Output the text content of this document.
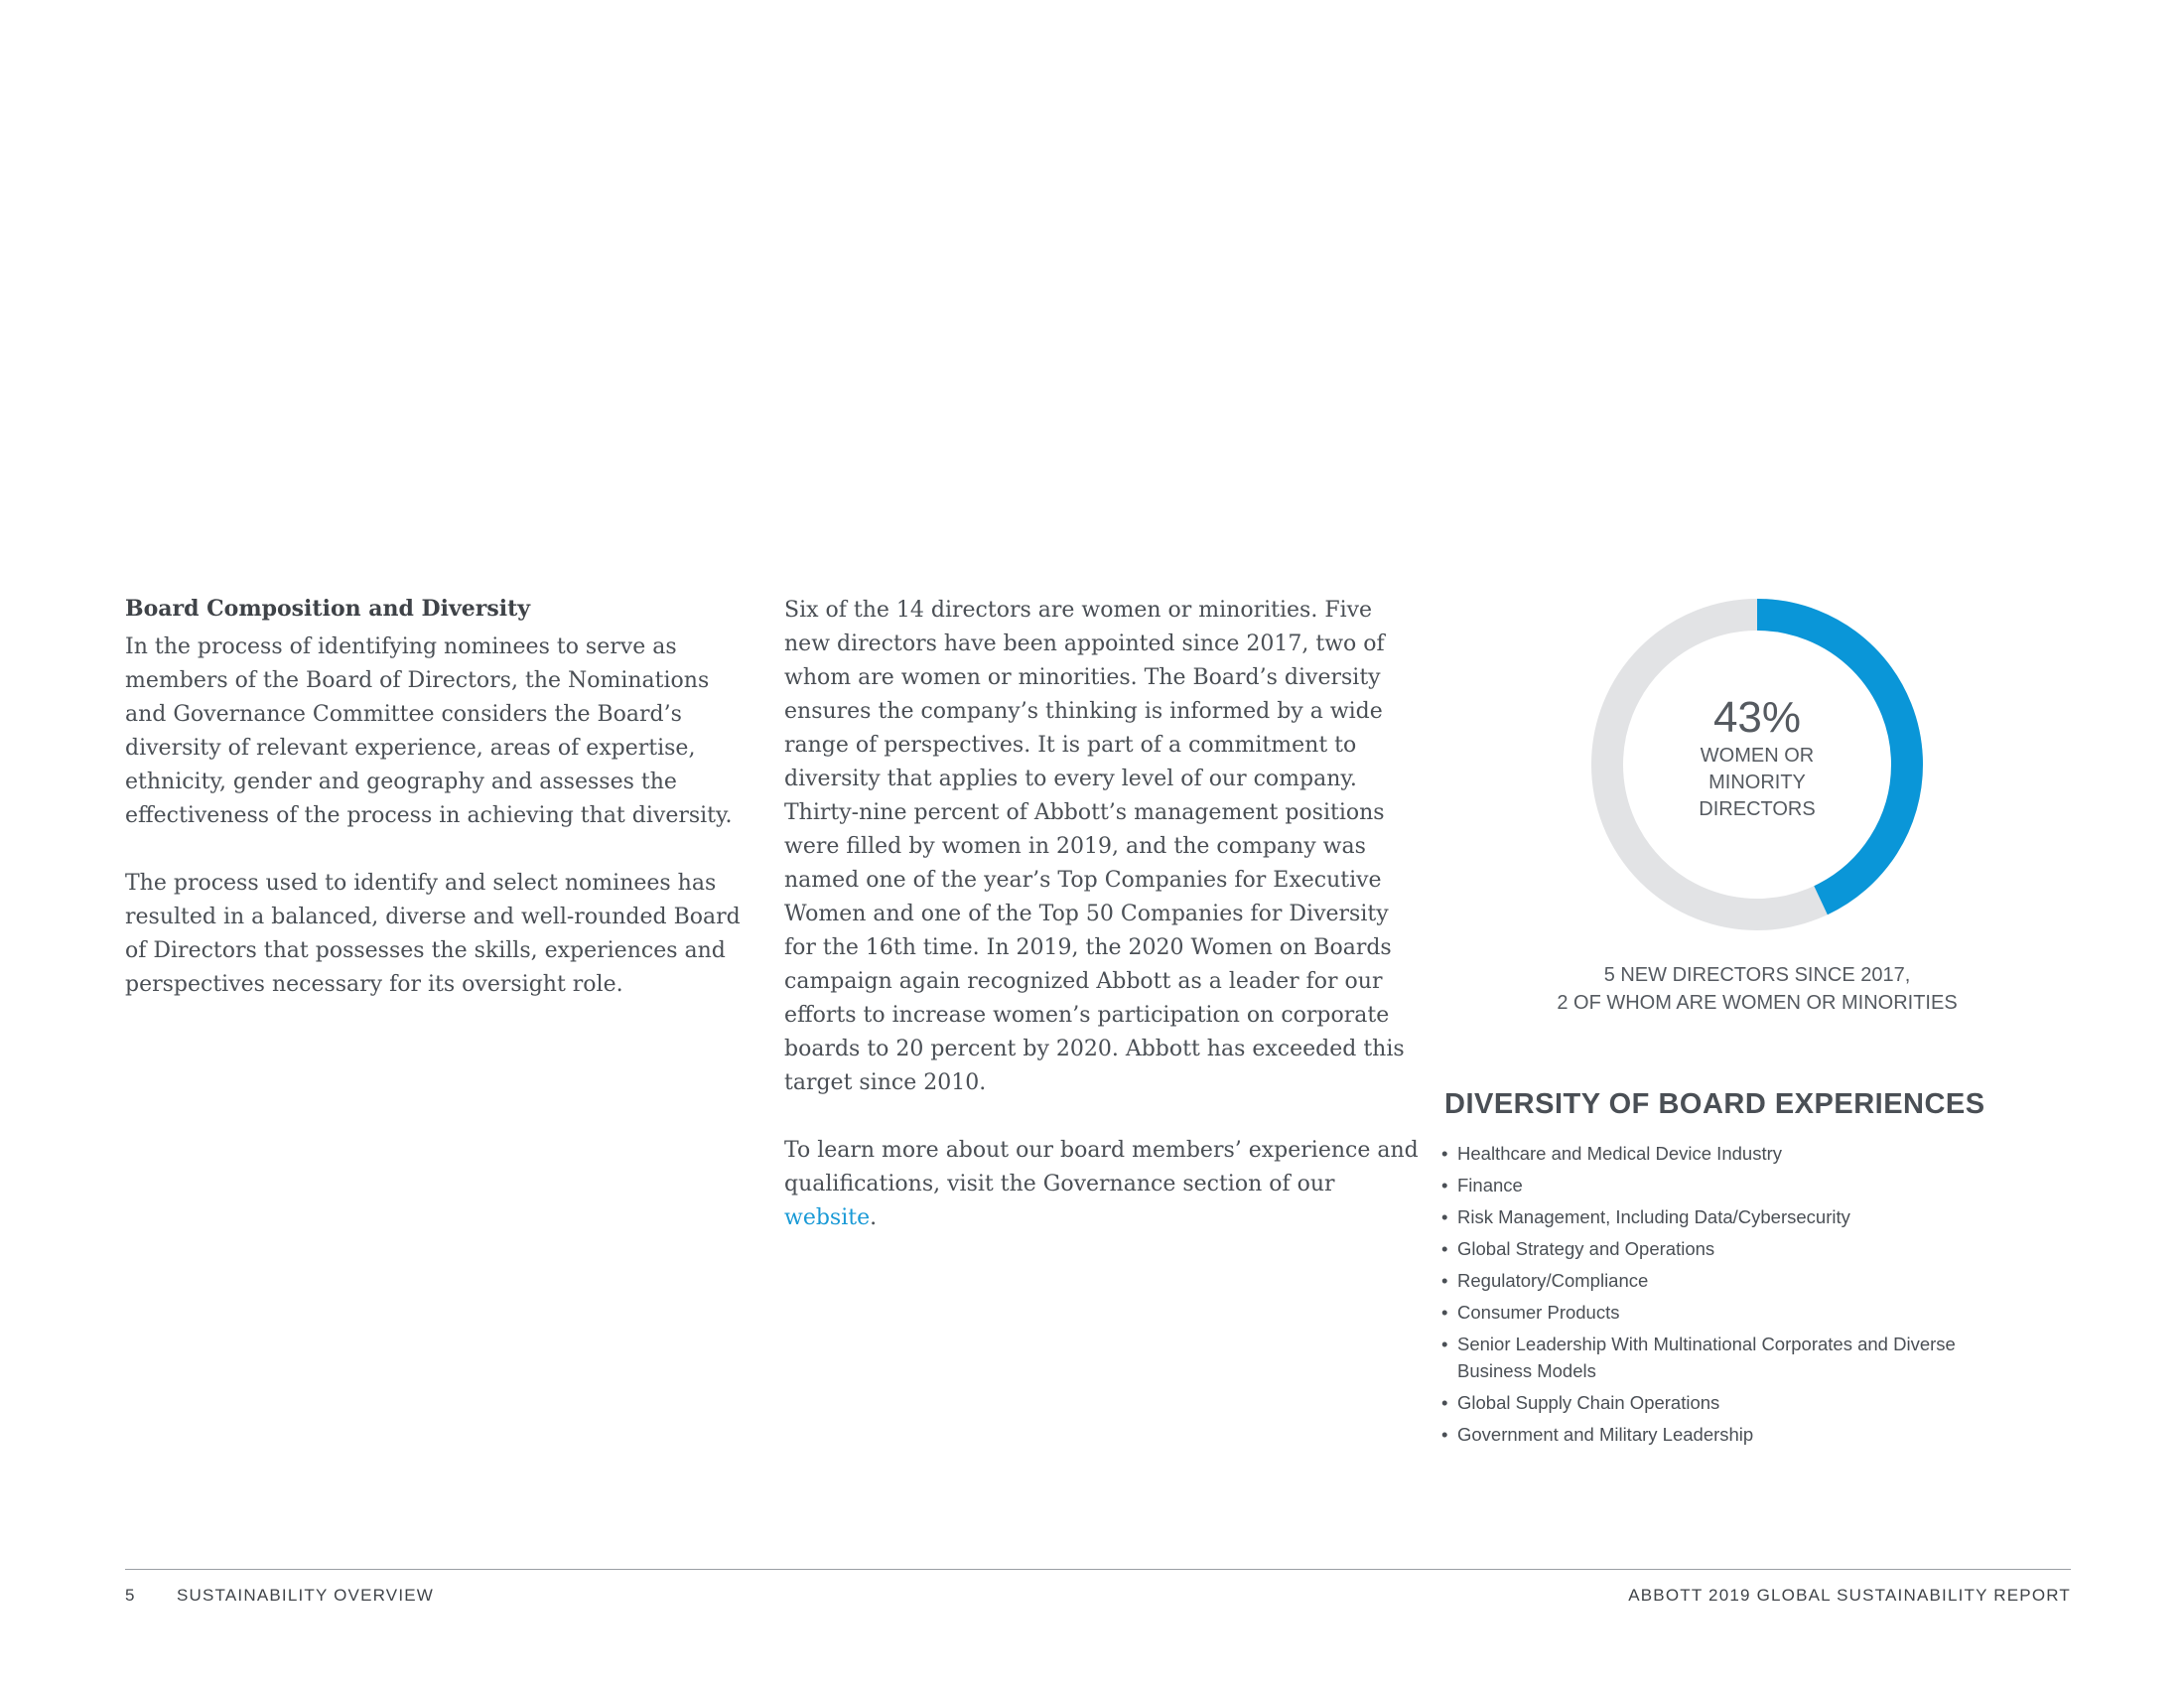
Board Composition and Diversity

In the process of identifying nominees to serve as members of the Board of Directors, the Nominations and Governance Committee considers the Board’s diversity of relevant experience, areas of expertise, ethnicity, gender and geography and assesses the effectiveness of the process in achieving that diversity.

The process used to identify and select nominees has resulted in a balanced, diverse and well-rounded Board of Directors that possesses the skills, experiences and perspectives necessary for its oversight role.

Six of the 14 directors are women or minorities. Five new directors have been appointed since 2017, two of whom are women or minorities. The Board’s diversity ensures the company’s thinking is informed by a wide range of perspectives. It is part of a commitment to diversity that applies to every level of our company. Thirty-nine percent of Abbott’s management positions were filled by women in 2019, and the company was named one of the year’s Top Companies for Executive Women and one of the Top 50 Companies for Diversity for the 16th time. In 2019, the 2020 Women on Boards campaign again recognized Abbott as a leader for our efforts to increase women’s participation on corporate boards to 20 percent by 2020. Abbott has exceeded this target since 2010.

To learn more about our board members’ experience and qualifications, visit the Governance section of our website.

43%
WOMEN OR
MINORITY
DIRECTORS
5 NEW DIRECTORS SINCE 2017,
2 OF WHOM ARE WOMEN OR MINORITIES
DIVERSITY OF BOARD EXPERIENCES
• Healthcare and Medical Device Industry
• Finance
• Risk Management, Including Data/Cybersecurity
• Global Strategy and Operations
• Regulatory/Compliance
• Consumer Products
• Senior Leadership With Multinational Corporates and Diverse Business Models
• Global Supply Chain Operations
• Government and Military Leadership
5 SUSTAINABILITY OVERVIEW	ABBOTT 2019 GLOBAL SUSTAINABILITY REPORT
